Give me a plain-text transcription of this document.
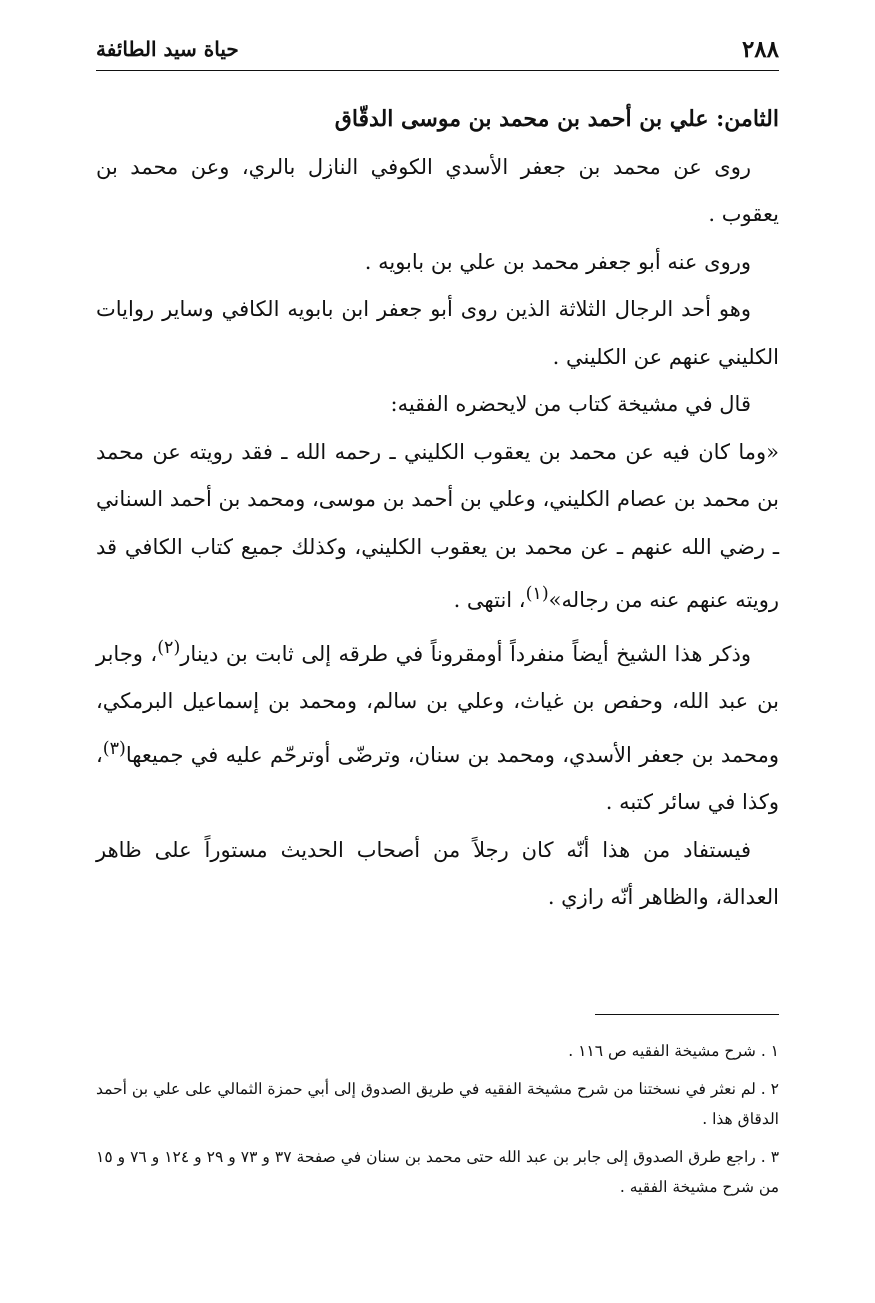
٢٨٨
حياة سيد الطائفة

الثامن: علي بن أحمد بن محمد بن موسى الدقّاق

روى عن محمد بن جعفر الأسدي الكوفي النازل بالري، وعن محمد بن يعقوب .

وروى عنه أبو جعفر محمد بن علي بن بابويه .

وهو أحد الرجال الثلاثة الذين روى أبو جعفر ابن بابويه الكافي وساير روايات الكليني عنهم عن الكليني .

قال في مشيخة كتاب من لايحضره الفقيه:

«وما كان فيه عن محمد بن يعقوب الكليني ـ رحمه الله ـ فقد رويته عن محمد بن محمد بن عصام الكليني، وعلي بن أحمد بن موسى، ومحمد بن أحمد السناني ـ رضي الله عنهم ـ عن محمد بن يعقوب الكليني، وكذلك جميع كتاب الكافي قد رويته عنهم عنه من رجاله»$^{(١)}$، انتهى .

وذكر هذا الشيخ أيضاً منفرداً أومقروناً في طرقه إلى ثابت بن دينار$^{(٢)}$، وجابر بن عبد الله، وحفص بن غياث، وعلي بن سالم، ومحمد بن إسماعيل البرمكي، ومحمد بن جعفر الأسدي، ومحمد بن سنان، وترضّى أوترحّم عليه في جميعها$^{(٣)}$، وكذا في سائر كتبه .

فيستفاد من هذا أنّه كان رجلاً من أصحاب الحديث مستوراً على ظاهر العدالة، والظاهر أنّه رازي .

١ . شرح مشيخة الفقيه ص ١١٦ .

٢ . لم نعثر في نسختنا من شرح مشيخة الفقيه في طريق الصدوق إلى أبي حمزة الثمالي على علي بن أحمد الدقاق هذا .

٣ . راجع طرق الصدوق إلى جابر بن عبد الله حتى محمد بن سنان في صفحة ٣٧ و ٧٣ و ٢٩ و ١٢٤ و ٧٦ و ١٥ من شرح مشيخة الفقيه .
